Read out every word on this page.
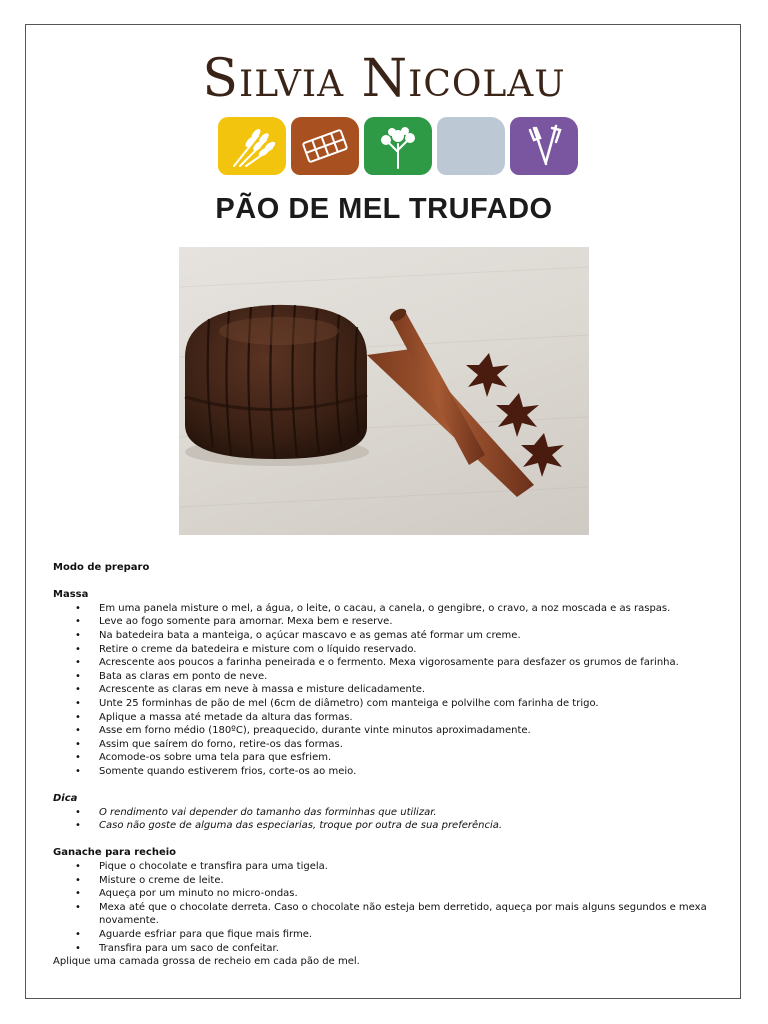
Silvia Nicolau
PÃO DE MEL TRUFADO

Modo de preparo

Massa

• Em uma panela misture o mel, a água, o leite, o cacau, a canela, o gengibre, o cravo, a noz moscada e as raspas.
• Leve ao fogo somente para amornar. Mexa bem e reserve.
• Na batedeira bata a manteiga, o açúcar mascavo e as gemas até formar um creme.
• Retire o creme da batedeira e misture com o líquido reservado.
• Acrescente aos poucos a farinha peneirada e o fermento. Mexa vigorosamente para desfazer os grumos de farinha.
• Bata as claras em ponto de neve.
• Acrescente as claras em neve à massa e misture delicadamente.
• Unte 25 forminhas de pão de mel (6cm de diâmetro) com manteiga e polvilhe com farinha de trigo.
• Aplique a massa até metade da altura das formas.
• Asse em forno médio (180ºC), preaquecido, durante vinte minutos aproximadamente.
• Assim que saírem do forno, retire-os das formas.
• Acomode-os sobre uma tela para que esfriem.
• Somente quando estiverem frios, corte-os ao meio.

Dica

• O rendimento vai depender do tamanho das forminhas que utilizar.
• Caso não goste de alguma das especiarias, troque por outra de sua preferência.

Ganache para recheio

• Pique o chocolate e transfira para uma tigela.
• Misture o creme de leite.
• Aqueça por um minuto no micro-ondas.
• Mexa até que o chocolate derreta. Caso o chocolate não esteja bem derretido, aqueça por mais alguns segundos e mexa novamente.
• Aguarde esfriar para que fique mais firme.
• Transfira para um saco de confeitar.

Aplique uma camada grossa de recheio em cada pão de mel.
